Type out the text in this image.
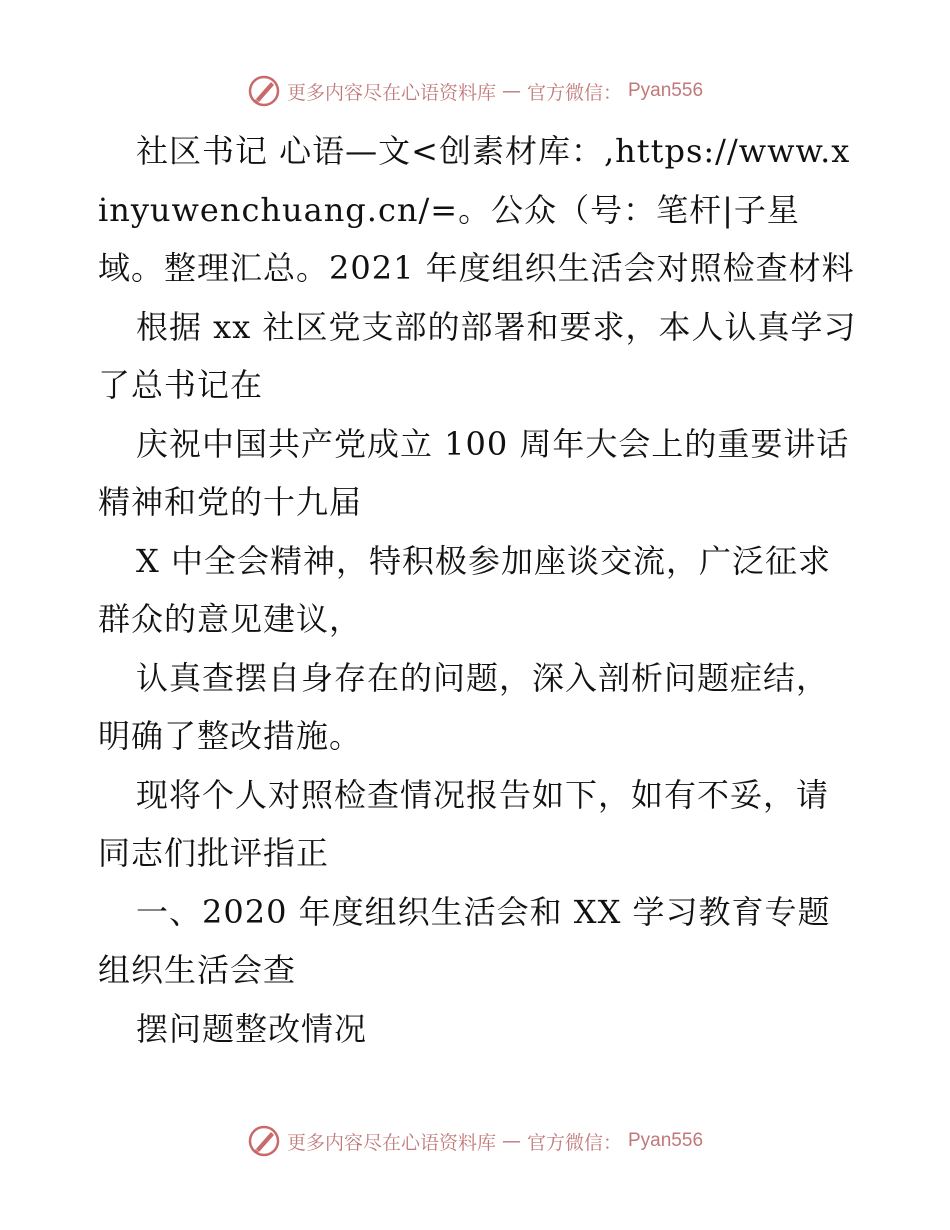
更多内容尽在心语资料库 — 官方微信： Pyan556

社区书记 心语—文<创素材库：,https://www.xinyuwenchuang.cn/=。公众（号：笔杆|子星域。整理汇总。2021 年度组织生活会对照检查材料

根据 xx 社区党支部的部署和要求，本人认真学习了总书记在

庆祝中国共产党成立 100 周年大会上的重要讲话精神和党的十九届

X 中全会精神，特积极参加座谈交流，广泛征求群众的意见建议，

认真查摆自身存在的问题，深入剖析问题症结，明确了整改措施。

现将个人对照检查情况报告如下，如有不妥，请同志们批评指正

一、2020 年度组织生活会和 XX 学习教育专题组织生活会查

摆问题整改情况

更多内容尽在心语资料库 — 官方微信： Pyan556
